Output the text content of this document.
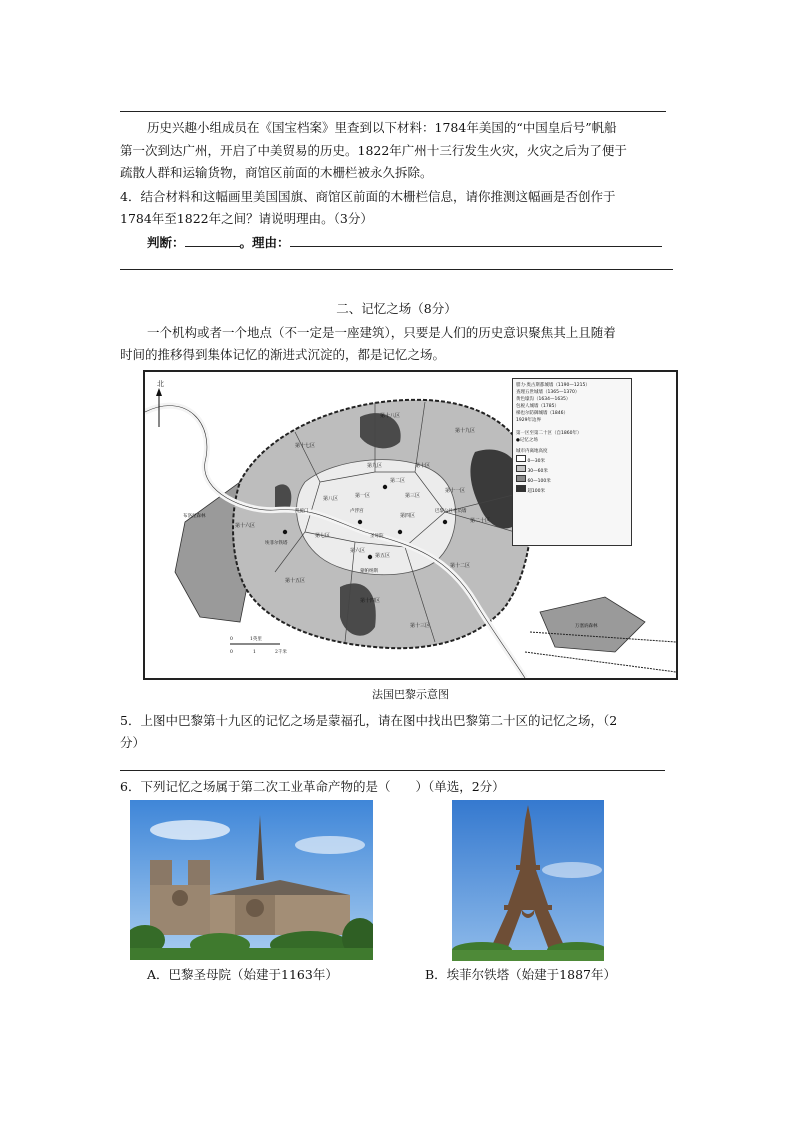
历史兴趣小组成员在《国宝档案》里查到以下材料：1784年美国的“中国皇后号”帆船
第一次到达广州，开启了中美贸易的历史。1822年广州十三行发生火灾，火灾之后为了便于
疏散人群和运输货物，商馆区前面的木栅栏被永久拆除。
4．结合材料和这幅画里美国国旗、商馆区前面的木栅栏信息，请你推测这幅画是否创作于
1784年至1822年之间？请说明理由。（3分）
判断：	。理由：
二、记忆之场（8分）
一个机构或者一个地点（不一定是一座建筑），只要是人们的历史意识聚焦其上且随着
时间的推移得到集体记忆的渐进式沉淀的，都是记忆之场。
北
0	1英里
0	1	2千米
第十七区
第十八区
第十九区
第十六区
第八区
第九区	第十区
第二十区
第一区
第二区
第三区
第四区
第五区
第六区
第七区
第十一区
第十二区
第十三区
第十四区
第十五区
布洛涅森林
万塞讷森林
卢浮宫
圣母院
埃菲尔铁塔
凯旋门	巴黎公社社员墙
蒙帕纳斯
腓力·奥古斯都城墙（1190—1215）
查理五世城墙（1365—1370）
黄色壕沟（1634—1635）
包税人城墙（1785）
梯也尔防御城墙（1846）
1929年边界
第一区至第二十区（自1860年）
●记忆之场
城市内离地高度
0—30米
30—60米
60—100米
超100米
法国巴黎示意图
5．上图中巴黎第十九区的记忆之场是蒙福孔，请在图中找出巴黎第二十区的记忆之场，（2
分）
6．下列记忆之场属于第二次工业革命产物的是（　　）（单选，2分）
A．巴黎圣母院（始建于1163年）	B．埃菲尔铁塔（始建于1887年）
